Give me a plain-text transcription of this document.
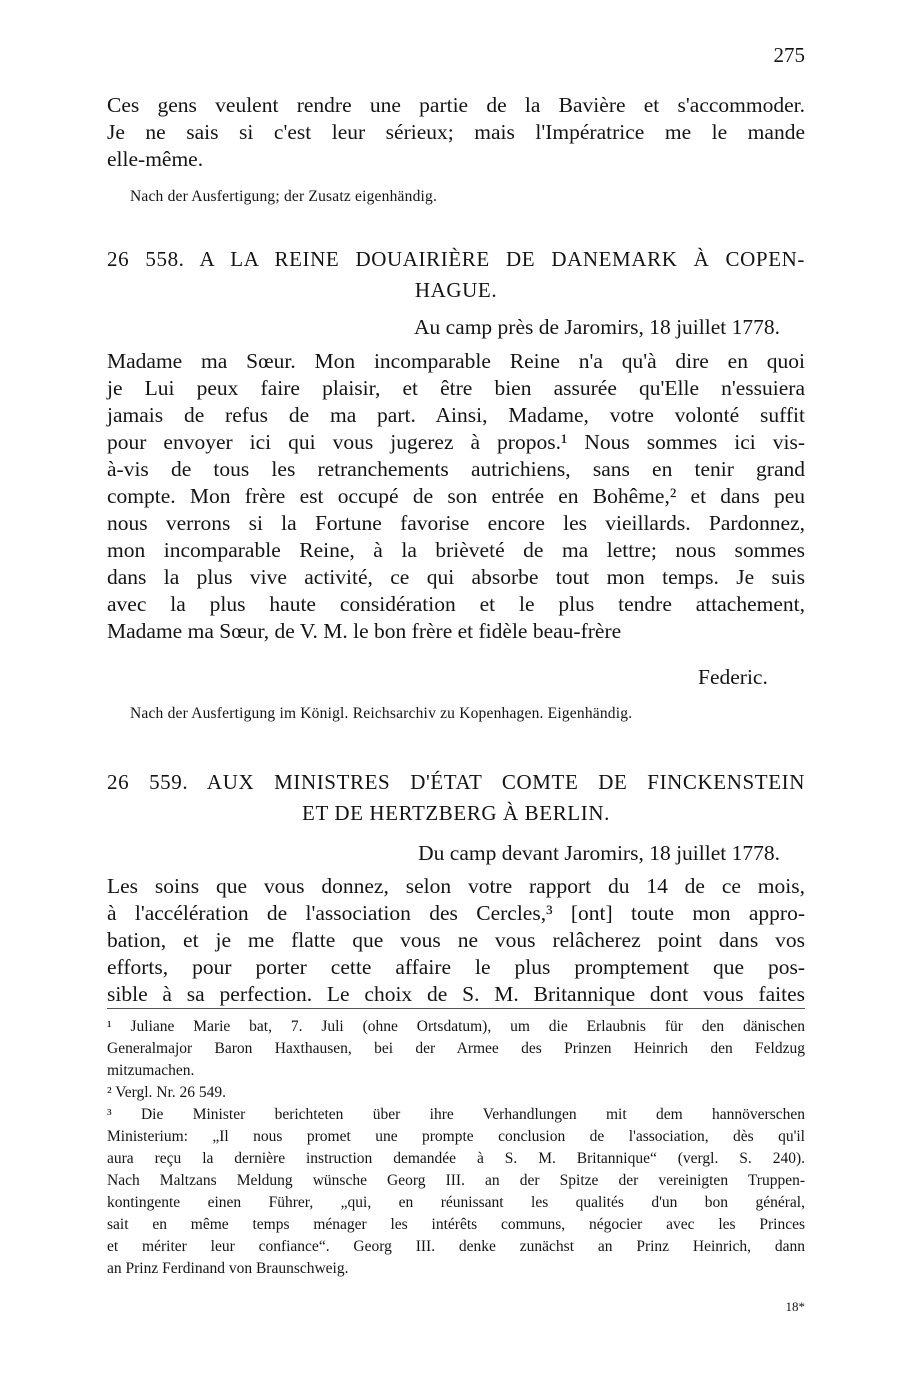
275
Ces gens veulent rendre une partie de la Bavière et s'accommoder.
Je ne sais si c'est leur sérieux; mais l'Impératrice me le mande
elle-même.
Nach der Ausfertigung; der Zusatz eigenhändig.
26 558. A LA REINE DOUAIRIÈRE DE DANEMARK À COPEN-
HAGUE.
Au camp près de Jaromirs, 18 juillet 1778.
Madame ma Sœur. Mon incomparable Reine n'a qu'à dire en quoi
je Lui peux faire plaisir, et être bien assurée qu'Elle n'essuiera
jamais de refus de ma part. Ainsi, Madame, votre volonté suffit
pour envoyer ici qui vous jugerez à propos.¹ Nous sommes ici vis-
à-vis de tous les retranchements autrichiens, sans en tenir grand
compte. Mon frère est occupé de son entrée en Bohême,² et dans peu
nous verrons si la Fortune favorise encore les vieillards. Pardonnez,
mon incomparable Reine, à la brièveté de ma lettre; nous sommes
dans la plus vive activité, ce qui absorbe tout mon temps. Je suis
avec la plus haute considération et le plus tendre attachement,
Madame ma Sœur, de V. M. le bon frère et fidèle beau-frère
Federic.
Nach der Ausfertigung im Königl. Reichsarchiv zu Kopenhagen. Eigenhändig.
26 559. AUX MINISTRES D'ÉTAT COMTE DE FINCKENSTEIN
ET DE HERTZBERG À BERLIN.
Du camp devant Jaromirs, 18 juillet 1778.
Les soins que vous donnez, selon votre rapport du 14 de ce mois,
à l'accélération de l'association des Cercles,³ [ont] toute mon appro-
bation, et je me flatte que vous ne vous relâcherez point dans vos
efforts, pour porter cette affaire le plus promptement que pos-
sible à sa perfection. Le choix de S. M. Britannique dont vous faites
¹ Juliane Marie bat, 7. Juli (ohne Ortsdatum), um die Erlaubnis für den dänischen
Generalmajor Baron Haxthausen, bei der Armee des Prinzen Heinrich den Feldzug
mitzumachen.
² Vergl. Nr. 26 549.
³ Die Minister berichteten über ihre Verhandlungen mit dem hannöverschen
Ministerium: „Il nous promet une prompte conclusion de l'association, dès qu'il
aura reçu la dernière instruction demandée à S. M. Britannique“ (vergl. S. 240).
Nach Maltzans Meldung wünsche Georg III. an der Spitze der vereinigten Truppen-
kontingente einen Führer, „qui, en réunissant les qualités d'un bon général,
sait en même temps ménager les intérêts communs, négocier avec les Princes
et mériter leur confiance“. Georg III. denke zunächst an Prinz Heinrich, dann
an Prinz Ferdinand von Braunschweig.
18*
